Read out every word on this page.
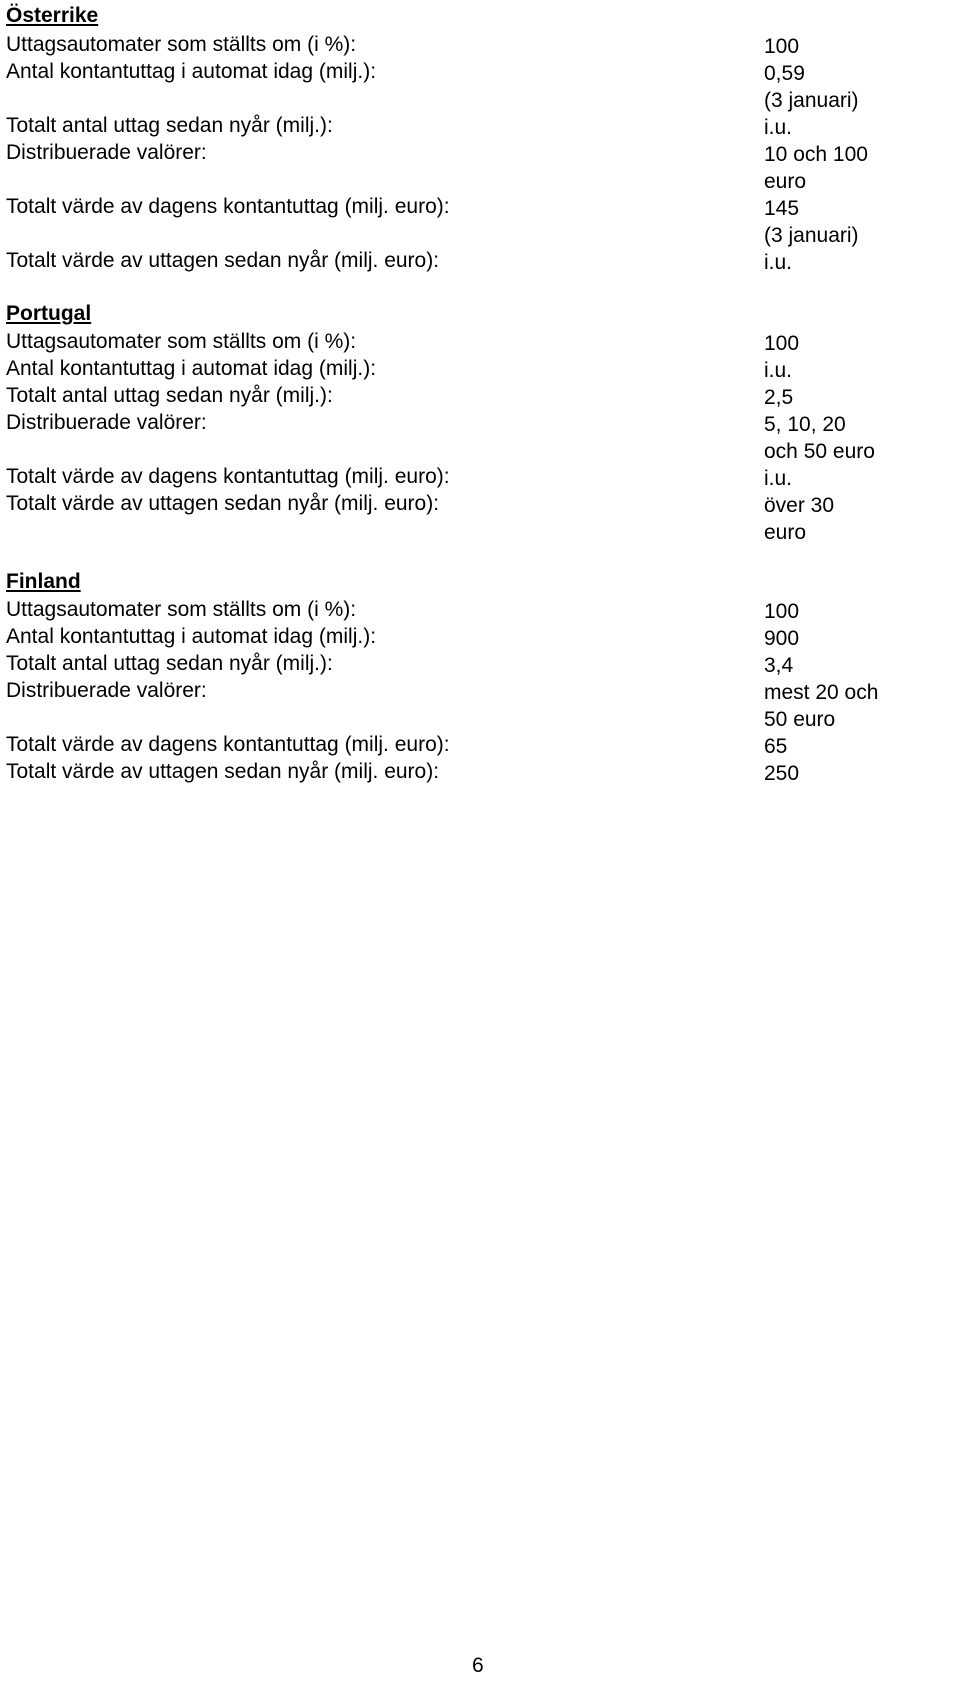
Österrike
Uttagsautomater som ställts om (i %):	100
Antal kontantuttag i automat idag (milj.):	0,59
(3 januari)
Totalt antal uttag sedan nyår (milj.):	i.u.
Distribuerade valörer:	10 och 100
euro
Totalt värde av dagens kontantuttag (milj. euro):	145
(3 januari)
Totalt värde av uttagen sedan nyår (milj. euro):	i.u.
Portugal
Uttagsautomater som ställts om (i %):	100
Antal kontantuttag i automat idag (milj.):	i.u.
Totalt antal uttag sedan nyår (milj.):	2,5
Distribuerade valörer:	5, 10, 20
och 50 euro
Totalt värde av dagens kontantuttag (milj. euro):	i.u.
Totalt värde av uttagen sedan nyår (milj. euro):	över 30
euro
Finland
Uttagsautomater som ställts om (i %):	100
Antal kontantuttag i automat idag (milj.):	900
Totalt antal uttag sedan nyår (milj.):	3,4
Distribuerade valörer:	mest 20 och
50 euro
Totalt värde av dagens kontantuttag (milj. euro):	65
Totalt värde av uttagen sedan nyår (milj. euro):	250
6
